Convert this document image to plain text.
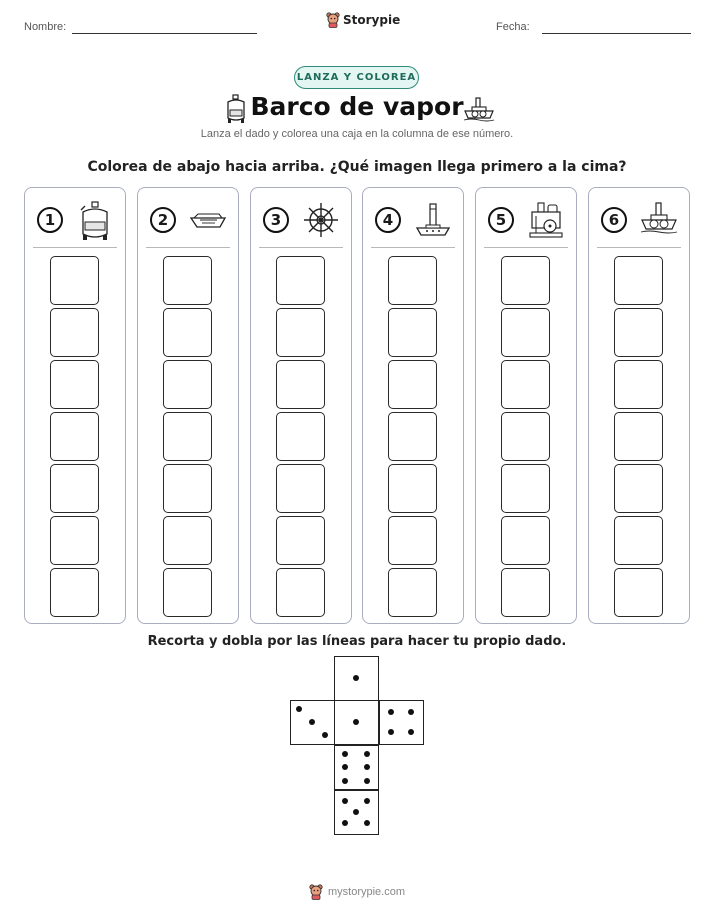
Nombre:	Storypie	Fecha:
LANZA Y COLOREA
Barco de vapor
Lanza el dado y colorea una caja en la columna de ese número.
Colorea de abajo hacia arriba. ¿Qué imagen llega primero a la cima?
1	2	3	4	5	6
Recorta y dobla por las líneas para hacer tu propio dado.
mystorypie.com
